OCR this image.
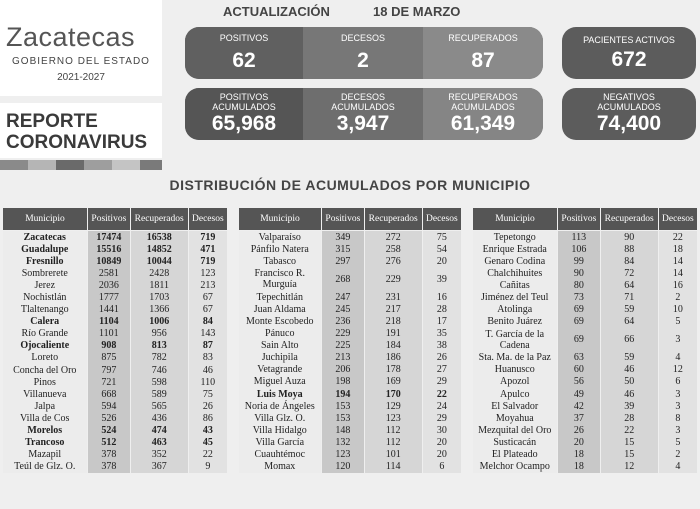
Zacatecas
GOBIERNO DEL ESTADO
2021-2027
REPORTE
CORONAVIRUS
ACTUALIZACIÓN	18 DE MARZO
POSITIVOS
62
DECESOS
2
RECUPERADOS
87
PACIENTES ACTIVOS
672
POSITIVOS
ACUMULADOS
65,968
DECESOS
ACUMULADOS
3,947
RECUPERADOS
ACUMULADOS
61,349
NEGATIVOS
ACUMULADOS
74,400
DISTRIBUCIÓN DE ACUMULADOS POR MUNICIPIO
Municipio	Positivos	Recuperados	Decesos
Zacatecas	17474	16538	719
Guadalupe	15516	14852	471
Fresnillo	10849	10044	719
Sombrerete	2581	2428	123
Jerez	2036	1811	213
Nochistlán	1777	1703	67
Tlaltenango	1441	1366	67
Calera	1104	1006	84
Río Grande	1101	956	143
Ojocaliente	908	813	87
Loreto	875	782	83
Concha del Oro	797	746	46
Pinos	721	598	110
Villanueva	668	589	75
Jalpa	594	565	26
Villa de Cos	526	436	86
Morelos	524	474	43
Trancoso	512	463	45
Mazapil	378	352	22
Teúl de Glz. O.	378	367	9
Municipio	Positivos	Recuperados	Decesos
Valparaíso	349	272	75
Pánfilo Natera	315	258	54
Tabasco	297	276	20
Francisco R. Murguía	268	229	39
Tepechitlán	247	231	16
Juan Aldama	245	217	28
Monte Escobedo	236	218	17
Pánuco	229	191	35
Sain Alto	225	184	38
Juchipila	213	186	26
Vetagrande	206	178	27
Miguel Auza	198	169	29
Luis Moya	194	170	22
Noria de Ángeles	153	129	24
Villa Glz. O.	153	123	29
Villa Hidalgo	148	112	30
Villa García	132	112	20
Cuauhtémoc	123	101	20
Momax	120	114	6
Municipio	Positivos	Recuperados	Decesos
Tepetongo	113	90	22
Enrique Estrada	106	88	18
Genaro Codina	99	84	14
Chalchihuites	90	72	14
Cañitas	80	64	16
Jiménez del Teul	73	71	2
Atolinga	69	59	10
Benito Juárez	69	64	5
T. García de la Cadena	69	66	3
Sta. Ma. de la Paz	63	59	4
Huanusco	60	46	12
Apozol	56	50	6
Apulco	49	46	3
El Salvador	42	39	3
Moyahua	37	28	8
Mezquital del Oro	26	22	3
Susticacán	20	15	5
El Plateado	18	15	2
Melchor Ocampo	18	12	4
